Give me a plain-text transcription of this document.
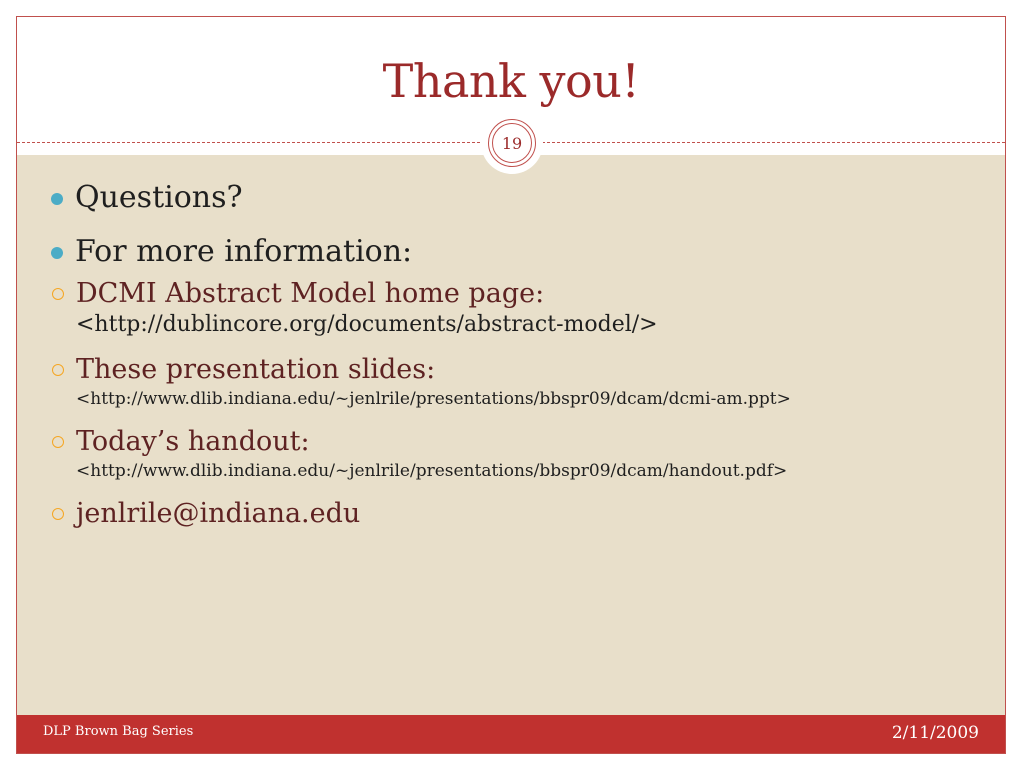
Thank you!
19
Questions?
For more information:
DCMI Abstract Model home page:
<http://dublincore.org/documents/abstract-model/>
These presentation slides:
<http://www.dlib.indiana.edu/~jenlrile/presentations/bbspr09/dcam/dcmi-am.ppt>
Today’s handout:
<http://www.dlib.indiana.edu/~jenlrile/presentations/bbspr09/dcam/handout.pdf>
jenlrile@indiana.edu
DLP Brown Bag Series	2/11/2009
